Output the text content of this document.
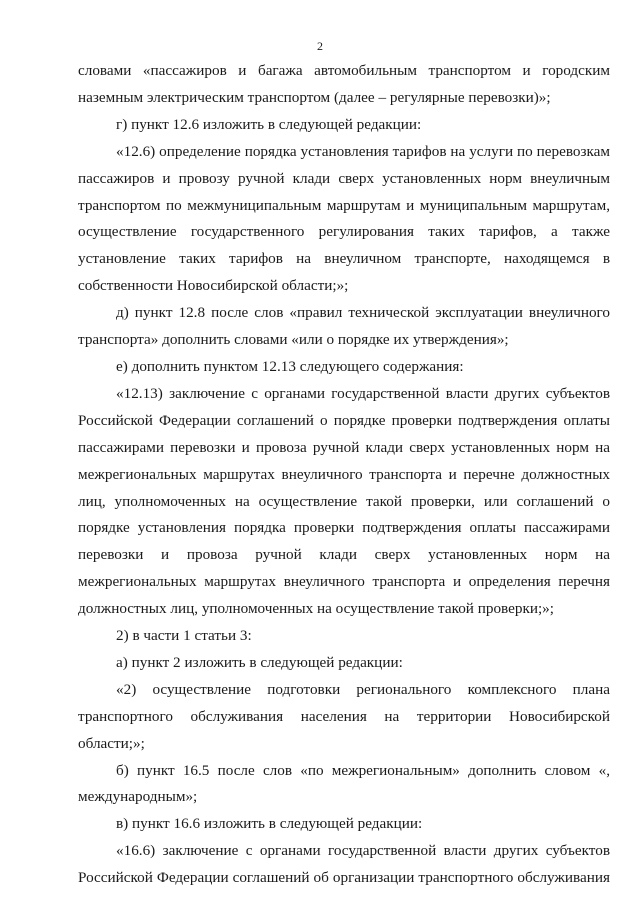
2

словами «пассажиров и багажа автомобильным транспортом и городским наземным электрическим транспортом (далее – регулярные перевозки)»;

г) пункт 12.6 изложить в следующей редакции:

«12.6) определение порядка установления тарифов на услуги по перевозкам пассажиров и провозу ручной клади сверх установленных норм внеуличным транспортом по межмуниципальным маршрутам и муниципальным маршрутам, осуществление государственного регулирования таких тарифов, а также установление таких тарифов на внеуличном транспорте, находящемся в собственности Новосибирской области;»;

д) пункт 12.8 после слов «правил технической эксплуатации внеуличного транспорта» дополнить словами «или о порядке их утверждения»;

е) дополнить пунктом 12.13 следующего содержания:

«12.13) заключение с органами государственной власти других субъектов Российской Федерации соглашений о порядке проверки подтверждения оплаты пассажирами перевозки и провоза ручной клади сверх установленных норм на межрегиональных маршрутах внеуличного транспорта и перечне должностных лиц, уполномоченных на осуществление такой проверки, или соглашений о порядке установления порядка проверки подтверждения оплаты пассажирами перевозки и провоза ручной клади сверх установленных норм на межрегиональных маршрутах внеуличного транспорта и определения перечня должностных лиц, уполномоченных на осуществление такой проверки;»;

2) в части 1 статьи 3:

а) пункт 2 изложить в следующей редакции:

«2) осуществление подготовки регионального комплексного плана транспортного обслуживания населения на территории Новосибирской области;»;

б) пункт 16.5 после слов «по межрегиональным» дополнить словом «, международным»;

в) пункт 16.6 изложить в следующей редакции:

«16.6) заключение с органами государственной власти других субъектов Российской Федерации соглашений об организации транспортного обслуживания
